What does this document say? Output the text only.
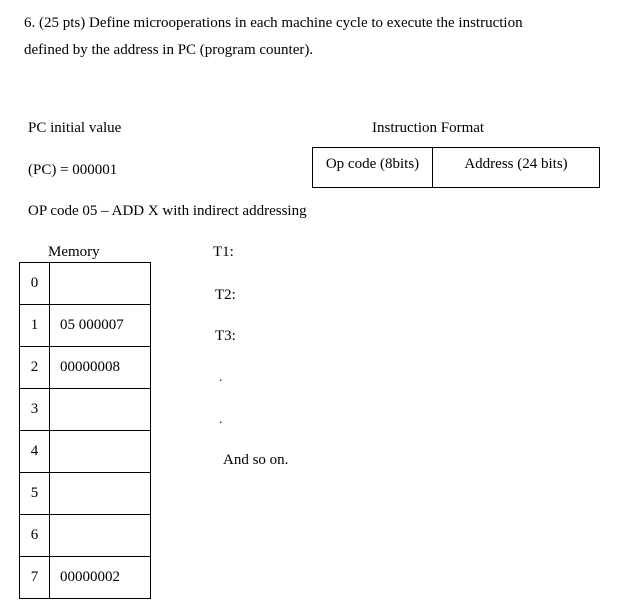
6. (25 pts) Define microoperations in each machine cycle to execute the instruction
defined by the address in PC (program counter).
PC initial value
(PC) = 000001
OP code 05 – ADD X with indirect addressing
Instruction Format
Op code (8bits)	Address (24 bits)
Memory
0	
1	05 000007
2	00000008
3	
4	
5	
6	
7	00000002
T1:
T2:
T3:
.
.
And so on.
